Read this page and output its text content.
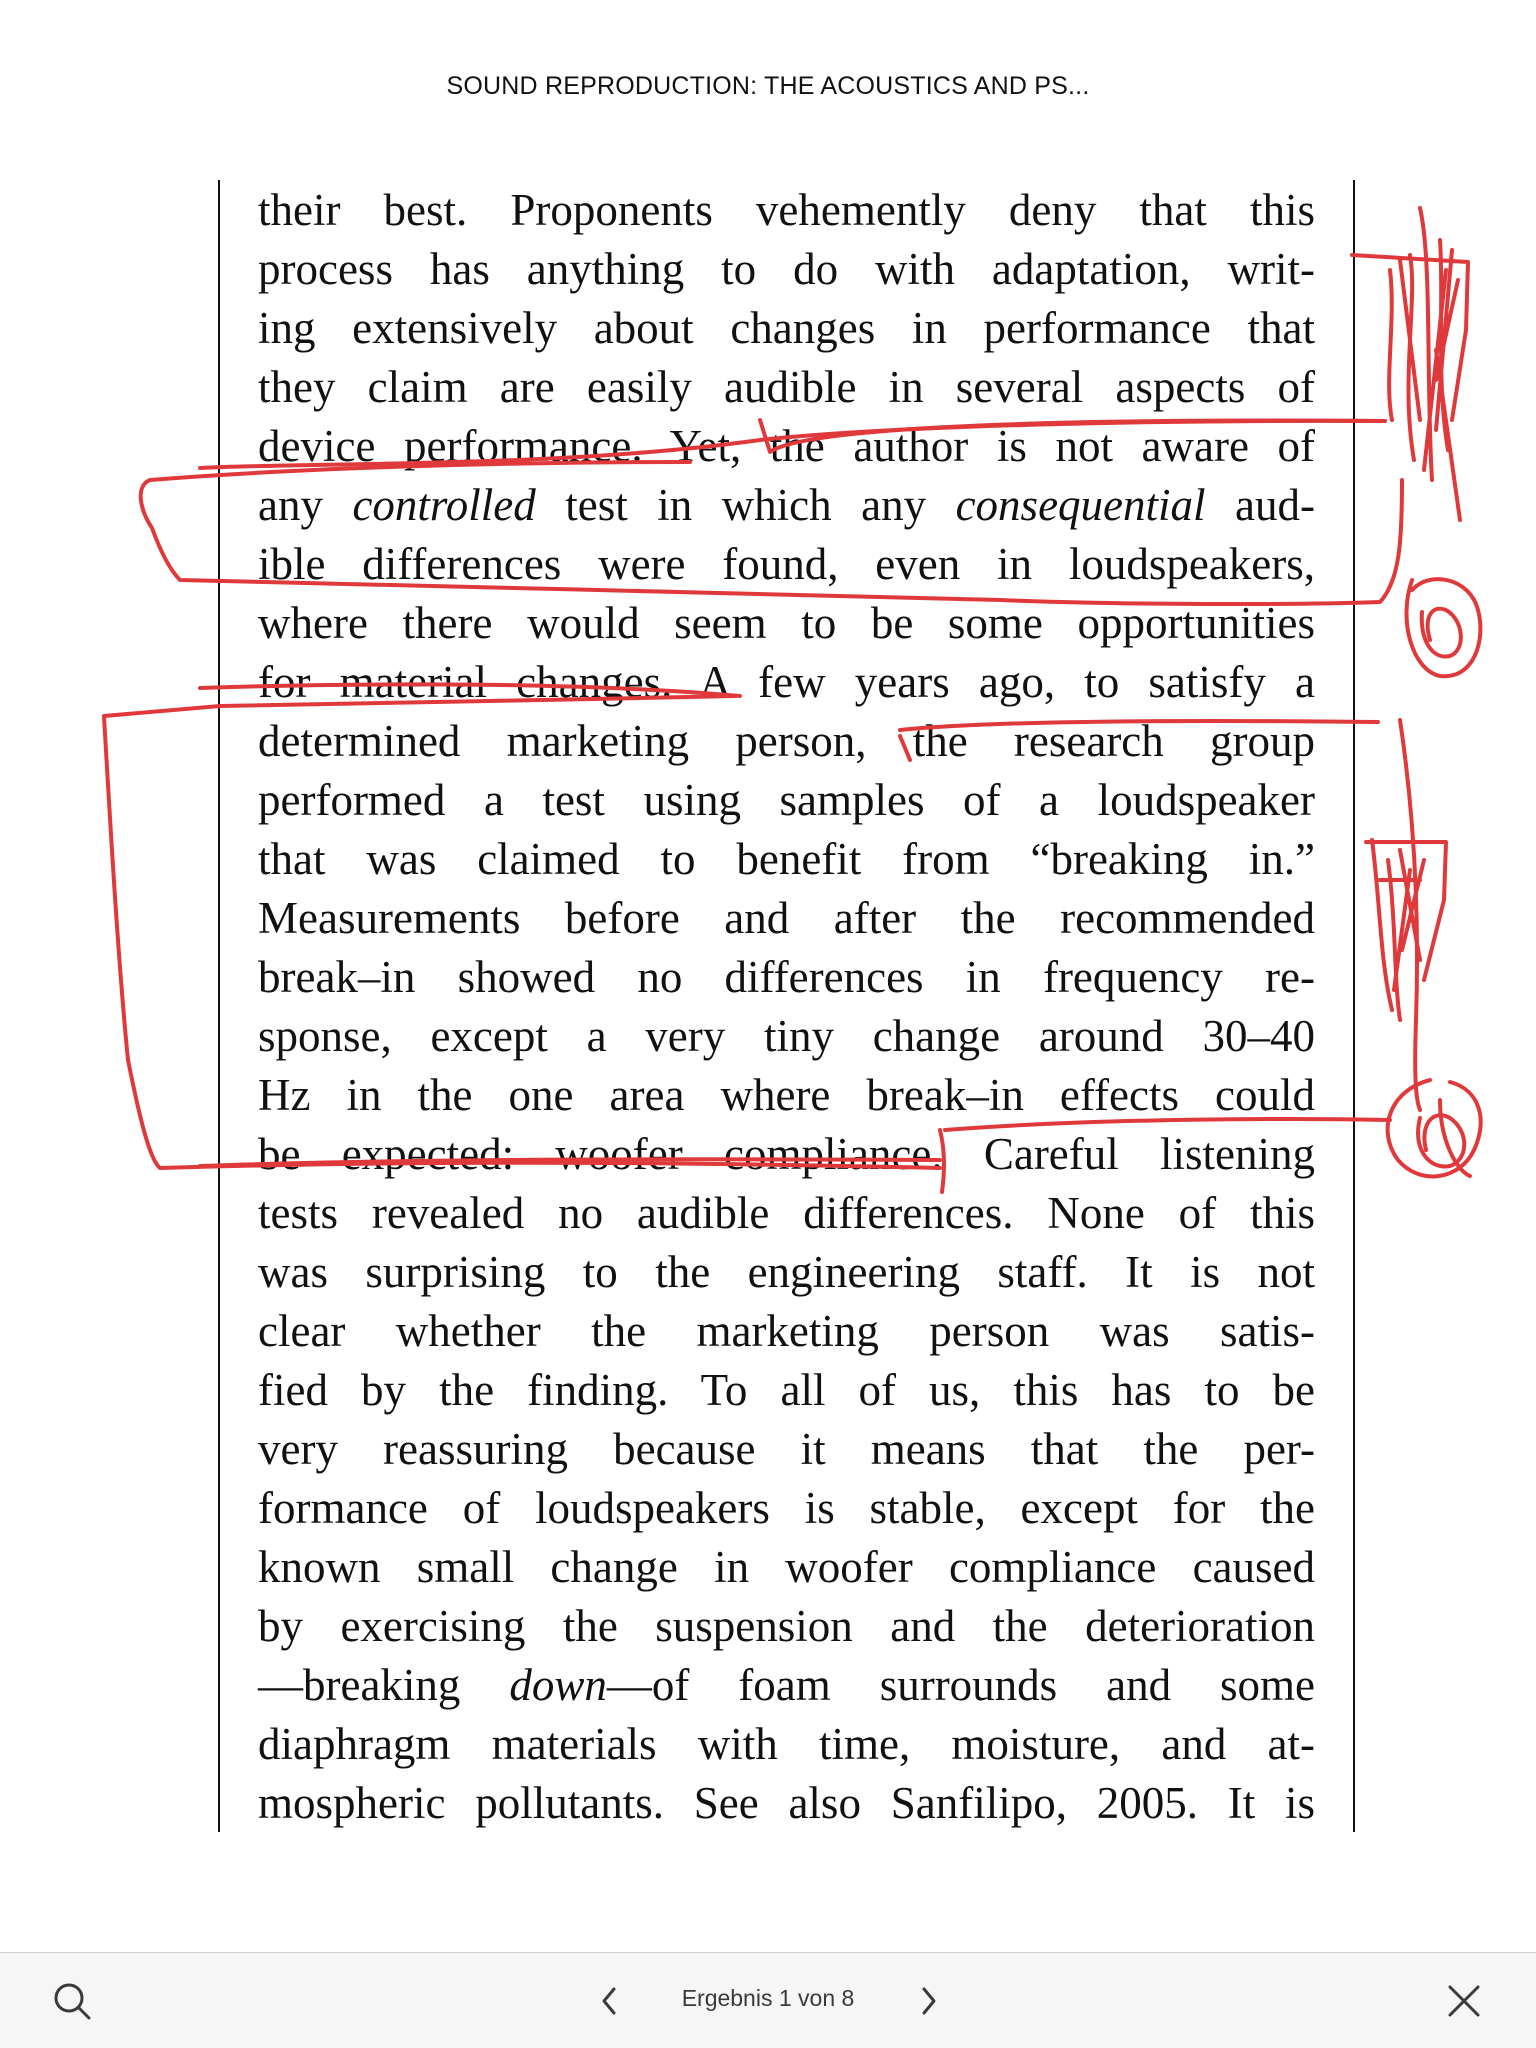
SOUND REPRODUCTION: THE ACOUSTICS AND PS...
their best. Proponents vehemently deny that this
process has anything to do with adaptation, writ-
ing extensively about changes in performance that
they claim are easily audible in several aspects of
device performance. Yet, the author is not aware of
any controlled test in which any consequential aud-
ible differences were found, even in loudspeakers,
where there would seem to be some opportunities
for material changes. A few years ago, to satisfy a
determined marketing person, the research group
performed a test using samples of a loudspeaker
that was claimed to benefit from “breaking in.”
Measurements before and after the recommended
break–in showed no differences in frequency re-
sponse, except a very tiny change around 30–40
Hz in the one area where break–in effects could
be expected: woofer compliance. Careful listening
tests revealed no audible differences. None of this
was surprising to the engineering staff. It is not
clear whether the marketing person was satis-
fied by the finding. To all of us, this has to be
very reassuring because it means that the per-
formance of loudspeakers is stable, except for the
known small change in woofer compliance caused
by exercising the suspension and the deterioration
—breaking down—of foam surrounds and some
diaphragm materials with time, moisture, and at-
mospheric pollutants. See also Sanfilipo, 2005. It is
Ergebnis 1 von 8
